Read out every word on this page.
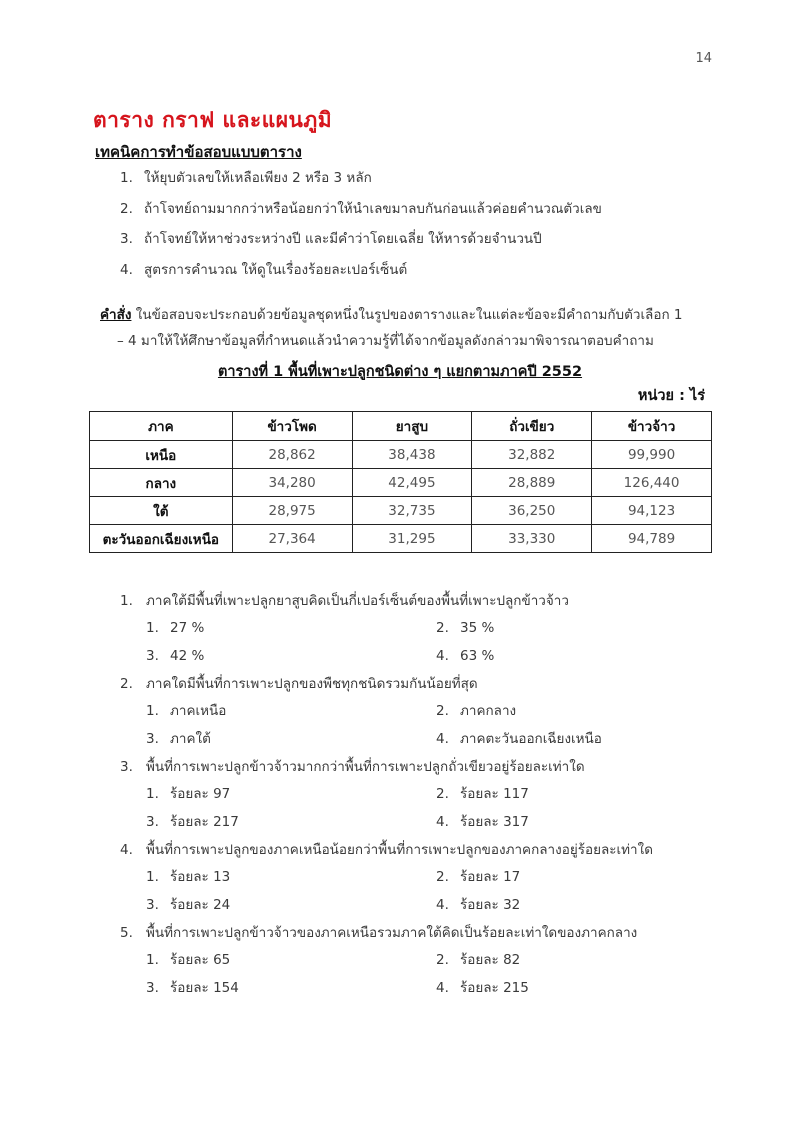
14
ตาราง กราฟ และแผนภูมิ
เทคนิคการทำข้อสอบแบบตาราง
1. ให้ยุบตัวเลขให้เหลือเพียง 2 หรือ 3 หลัก
2. ถ้าโจทย์ถามมากกว่าหรือน้อยกว่าให้นำเลขมาลบกันก่อนแล้วค่อยคำนวณตัวเลข
3. ถ้าโจทย์ให้หาช่วงระหว่างปี และมีคำว่าโดยเฉลี่ย ให้หารด้วยจำนวนปี
4. สูตรการคำนวณ ให้ดูในเรื่องร้อยละเปอร์เซ็นต์
คำสั่ง ในข้อสอบจะประกอบด้วยข้อมูลชุดหนึ่งในรูปของตารางและในแต่ละข้อจะมีคำถามกับตัวเลือก 1
– 4 มาให้ให้ศึกษาข้อมูลที่กำหนดแล้วนำความรู้ที่ได้จากข้อมูลดังกล่าวมาพิจารณาตอบคำถาม
ตารางที่ 1 พื้นที่เพาะปลูกชนิดต่าง ๆ แยกตามภาคปี 2552
หน่วย : ไร่
ภาค	ข้าวโพด	ยาสูบ	ถั่วเขียว	ข้าวจ้าว
เหนือ	28,862	38,438	32,882	99,990
กลาง	34,280	42,495	28,889	126,440
ใต้	28,975	32,735	36,250	94,123
ตะวันออกเฉียงเหนือ	27,364	31,295	33,330	94,789
1. ภาคใต้มีพื้นที่เพาะปลูกยาสูบคิดเป็นกี่เปอร์เซ็นต์ของพื้นที่เพาะปลูกข้าวจ้าว
1. 27 %	2. 35 %
3. 42 %	4. 63 %
2. ภาคใดมีพื้นที่การเพาะปลูกของพืชทุกชนิดรวมกันน้อยที่สุด
1. ภาคเหนือ	2. ภาคกลาง
3. ภาคใต้	4. ภาคตะวันออกเฉียงเหนือ
3. พื้นที่การเพาะปลูกข้าวจ้าวมากกว่าพื้นที่การเพาะปลูกถั่วเขียวอยู่ร้อยละเท่าใด
1. ร้อยละ 97	2. ร้อยละ 117
3. ร้อยละ 217	4. ร้อยละ 317
4. พื้นที่การเพาะปลูกของภาคเหนือน้อยกว่าพื้นที่การเพาะปลูกของภาคกลางอยู่ร้อยละเท่าใด
1. ร้อยละ 13	2. ร้อยละ 17
3. ร้อยละ 24	4. ร้อยละ 32
5. พื้นที่การเพาะปลูกข้าวจ้าวของภาคเหนือรวมภาคใต้คิดเป็นร้อยละเท่าใดของภาคกลาง
1. ร้อยละ 65	2. ร้อยละ 82
3. ร้อยละ 154	4. ร้อยละ 215
